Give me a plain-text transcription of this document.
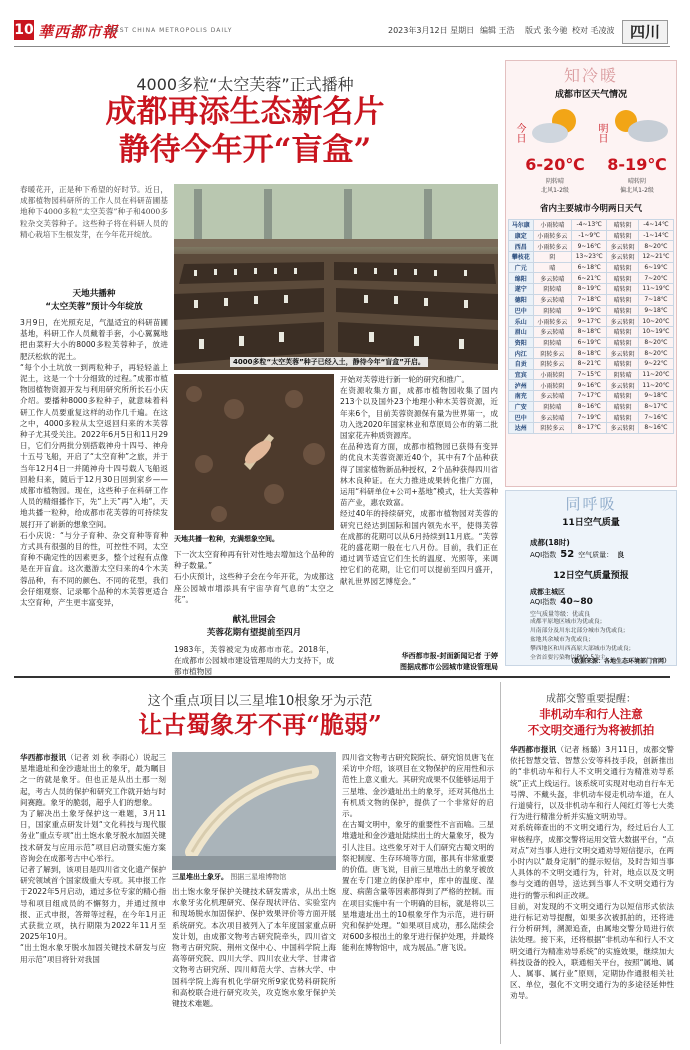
10 華西都市報
WEST CHINA METROPOLIS DAILY	2023年3月12日 星期日 编辑 王浩 版式 张今驰 校对 毛凌波	四川
4000多粒“太空芙蓉”正式播种
成都再添生态新名片
静待今年开“盲盒”
春暖花开，正是种下希望的好时节。近日，成都植物园科研所的工作人员在科研苗圃基地种下4000多粒“太空芙蓉”种子和4000多粒杂交芙蓉种子。这些种子将在科研人员的精心栽培下生根发芽，在今年花开绽放。
天地共播种
“太空芙蓉”预计今年绽放
3月9日，在光照充足，气温适宜的科研苗圃基地，科研工作人员戴着手套，小心翼翼地把由菜籽大小的8000多粒芙蓉种子，放进肥沃松软的泥土。
“每个小土坑放一到两粒种子，再轻轻盖上泥土，这是一个十分细致的过程。”成都市植物园植物资源开发与利用研究所所长石小庆介绍。要播种8000多粒种子，就意味着科研工作人员要重复这样的动作几千遍。在这之中，4000多粒从太空返回归来的木芙蓉种子尤其受关注。2022年6月5日和11月29日，它们分两批分别搭载神舟十四号、神舟十五号飞船，开启了“太空育种”之旅，并于当年12月4日一并随神舟十四号载人飞船返回舱归来，随后于12月30日回到家乡——成都市植物园。现在，这些种子在科研工作人员的精细播作下，先“上天”再“入地”，天地共播一粒种，给成都市花芙蓉的可持续发展打开了崭新的想象空间。
石小庆说：“与分子育种、杂交育种等育种方式具有很强的目的性，可控性不同，太空育种不确定性的因素更多，整个过程有点像是在开盲盒。这次邀游太空归来的4个木芙蓉品种，有不同的颜色、不同的花型，我们会仔细观察、记录哪个品种的木芙蓉更适合太空育种，产生更丰富变异，
4000多粒“太空芙蓉”种子已经入土，静待今年“盲盒”开启。
天地共播一粒种，充满想象空间。
下一次太空育种再有针对性地去增加这个品种的种子数量。”
石小庆预计，这些种子会在今年开花，为成都这座公园城市增添具有宇宙孕育气息的“太空之花”。
献礼世园会
芙蓉花期有望提前至四月
1983年，芙蓉被定为成都市市花。2018年，在成都市公园城市建设管理局的大力支持下，成都市植物园
开始对芙蓉进行新一轮的研究和推广。
在资源收集方面，成都市植物园收集了国内213个以及国外23个地理小种木芙蓉资源，近年来6个，目前芙蓉资源保有量为世界第一，成功入选2020年国家林业和草原局公布的第二批国家花卉种质资源库。
在品种选育方面，成都市植物园已获得有变异的优良木芙蓉资源近40个，其中有7个品种获得了国家植物新品种授权，2个品种获得四川省林木良种证。在大力推进成果转化推广方面，运用“科研单位+公司+基地”模式，壮大芙蓉种苗产业，惠农致富。
经过40年的持续研究，成都市植物园对芙蓉的研究已经达到国际和国内领先水平，使得芙蓉在成都的花期可以从6月持续到11月底。“芙蓉花的盛花期一般在七八月份。目前，我们正在通过调节适宜它们生长的温度、光照等，来调控它们的花期，让它们可以提前至四月盛开，献礼世界园艺博览会。”
华西都市报-封面新闻记者 于婷
图据成都市公园城市建设管理局
知冷暖
成都市区天气情况
今日	明日
6-20℃	8-19℃
阴转晴
北风1-2级
晴转阴
偏北风1-2级
省内主要城市今明两日天气
马尔康	小雨转晴	-4~13℃	晴转阴	-4~14℃
康定	小雨转多云	-1~9℃	晴转阴	-1~14℃
西昌	小雨转多云	9~16℃	多云转阴	8~20℃
攀枝花	阴	13~23℃	多云转阴	12~21℃
广元	晴	6~18℃	晴转阴	6~19℃
绵阳	多云转晴	6~21℃	晴转阴	7~20℃
遂宁	阴转晴	8~19℃	晴转阴	11~19℃
德阳	多云转晴	7~18℃	晴转阴	7~18℃
巴中	阴转晴	9~19℃	晴转阴	9~18℃
乐山	小雨转多云	9~17℃	多云转阴	10~20℃
眉山	多云转晴	8~18℃	晴转阴	10~19℃
资阳	阴转晴	6~19℃	晴转阴	8~20℃
内江	阴转多云	8~18℃	多云转阴	8~20℃
自贡	阴转多云	8~21℃	晴转阴	9~22℃
宜宾	小雨转阴	7~15℃	阴转晴	11~20℃
泸州	小雨转阴	9~16℃	多云转阴	11~20℃
南充	多云转晴	7~17℃	晴转阴	9~18℃
广安	阴转晴	8~16℃	晴转阴	8~17℃
巴中	多云转晴	7~19℃	晴转阴	7~16℃
达州	阴转多云	8~17℃	多云转阴	8~16℃
同呼吸
11日空气质量
成都(18时)
AQI指数 52 空气质量： 良
12日空气质量预报
成都主城区
AQI指数 40~80
空气质量等级：优或良
成都平原地区城市为优或良；
川南部分及川东北部分城市为优或良；
盆地其余城市为优或良；
攀西地区和川西高原大部城市为优或良；
全省首要污染物以PM2.5为主。
（数据来源：各地生态环境部门官网）
这个重点项目以三星堆10根象牙为示范
让古蜀象牙不再“脆弱”
华西都市报讯（记者 刘 秋 李雨心）说起三星堆遗址和金沙遗址出土的象牙，最为瞩目之一的就是象牙。但也正是从出土那一刻起，考古人员的保护和研究工作就开始与时间赛跑。象牙的脆弱，超乎人们的想象。
为了解决出土象牙保护这一难题，3月11日，国家重点研发计划“文化科技与现代服务业”重点专项“出土饱水象牙脱水加固关键技术研发与应用示范”项目启动暨实施方案咨询会在成都考古中心举行。
记者了解到，该项目是四川省文化遗产保护研究领域首个国家级重大专项。其申报工作于2022年5月启动，通过多位专家的精心指导和项目组成员的不懈努力，并通过预申报、正式申报，答辩等过程，在今年1月正式获批立项，执行期限为2022年11月至2025年10月。
“出土饱水象牙脱水加固关键技术研发与应用示范”项目将针对我国
三星堆出土象牙。 图据三星堆博物馆
出土饱水象牙保护关键技术研发需求，从出土饱水象牙劣化机理研究、保存现状评估、实验室内和现场脱水加固保护、保护效果评价等方面开展系统研究。本次项目被列入了本年度国家重点研发计划，由成都文物考古研究院牵头，四川省文物考古研究院、荆州文保中心、中国科学院上海高等研究院、四川大学、四川农业大学、甘肃省文物考古研究所、四川师范大学、吉林大学、中国科学院上海有机化学研究所9家优势科研院所和高校联合进行研究攻关，攻克饱水象牙保护关键技术难题。
四川省文物考古研究院院长、研究馆员唐飞在采访中介绍，该项目在文物保护的应用性和示范性上意义重大。其研究成果不仅能够运用于三星堆、金沙遗址出土的象牙，还对其他出土有机质文物的保护，提供了一个非常好的启示。
在古蜀文明中，象牙的重要性不言而喻。三星堆遗址和金沙遗址陆续出土的大量象牙，极为引人注目。这些象牙对于人们研究古蜀文明的祭祀制度、生存环境等方面，都具有非常重要的价值。唐飞说，目前三星堆出土的象牙被放置在专门建立的保护库中，库中的温度、湿度、病菌含量等因素都得到了严格的控制。而在项目实施中有一个明确的目标，就是将以三星堆遗址出土的10根象牙作为示范，进行研究和保护处理。“如果项目成功，那么陆续会对600多根出土的象牙进行保护处理，并最终能利在博物馆中，成为展品。”唐飞说。
成都交警重要提醒：
非机动车和行人注意
不文明交通行为将被抓拍
华西都市报讯（记者 杨璐）3月11日，成都交警依托智慧交管、智慧公安等科技手段，创新推出的“非机动车和行人不文明交通行为精准劝导系统”正式上线运行。该系统可实现对电动自行车无号牌、不戴头盔，非机动车侵走机动车道，在人行道骑行，以及非机动车和行人闯红灯等七大类行为进行精准分析并实施文明劝导。
对系统筛查出的不文明交通行为，经过后台人工审核程序，成都交警将运用交管大数据平台，“点对点”对当事人进行文明交通劝导短信提示，在两小时内以“最身定制”的提示短信，及时告知当事人具体的不文明交通行为，针对，地点以及文明参与交通的倡导，送达到当事人不文明交通行为进行的警示和纠正改规。
目前，对发现的不文明交通行为以短信形式依法进行标记劝导提醒，如果多次被抓拍的，还将进行分析研判，溯源追查，由属地交警分局进行依法处理。接下来，还将根据“非机动车和行人不文明交通行为精准劝导系统”的实施效果，继续加大科技设备的投入，联通相关平台，按照“属地、属人、属事、属行业”原则，定期协作通报相关社区、单位，强化不文明交通行为的多途径延伸性劝导。
